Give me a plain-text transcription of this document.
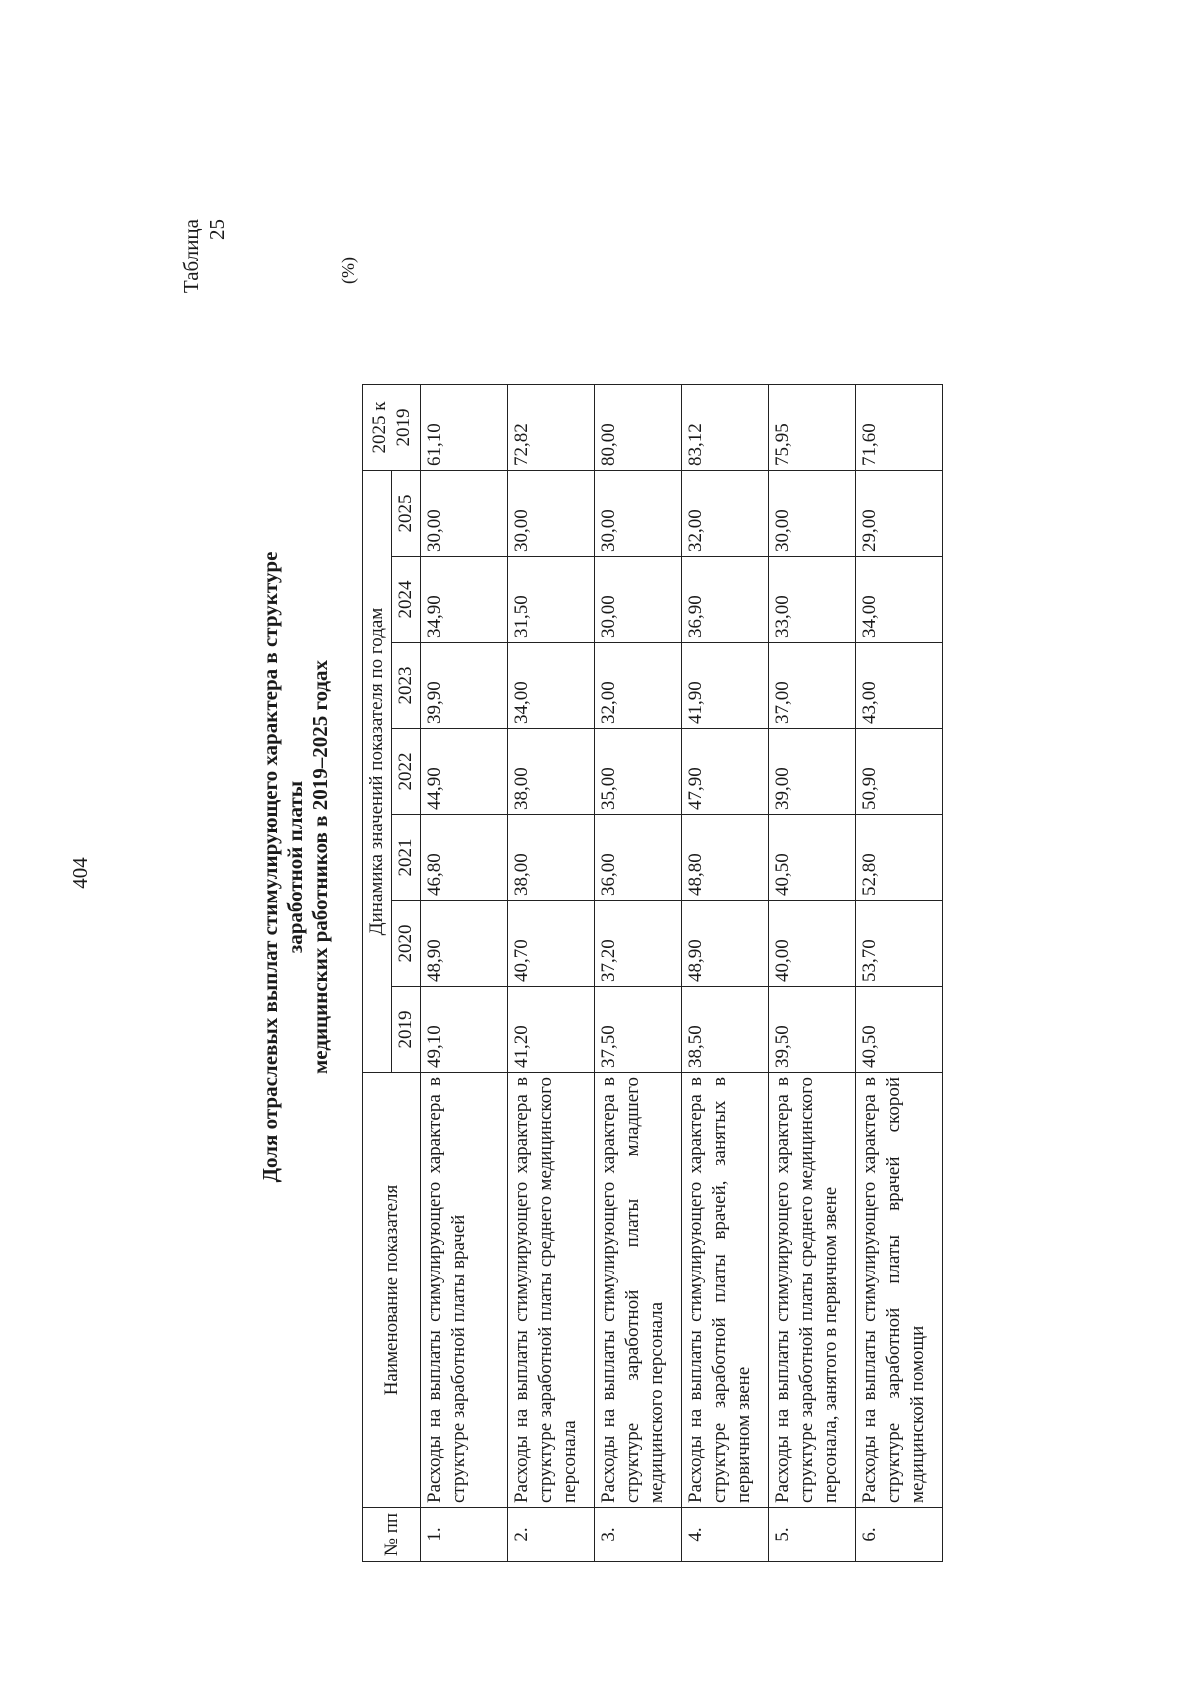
404
Таблица 25
Доля отраслевых выплат стимулирующего характера в структуре заработной платы медицинских работников в 2019–2025 годах
(%)
№ пп	Наименование показателя	Динамика значений показателя по годам							2025 к 2019
		2019	2020	2021	2022	2023	2024	2025	
1.	Расходы на выплаты стимулирующего характера в структуре заработной платы врачей	49,10	48,90	46,80	44,90	39,90	34,90	30,00	61,10
2.	Расходы на выплаты стимулирующего характера в структуре заработной платы среднего медицинского персонала	41,20	40,70	38,00	38,00	34,00	31,50	30,00	72,82
3.	Расходы на выплаты стимулирующего характера в структуре заработной платы младшего медицинского персонала	37,50	37,20	36,00	35,00	32,00	30,00	30,00	80,00
4.	Расходы на выплаты стимулирующего характера в структуре заработной платы врачей, занятых в первичном звене	38,50	48,90	48,80	47,90	41,90	36,90	32,00	83,12
5.	Расходы на выплаты стимулирующего характера в структуре заработной платы среднего медицинского персонала, занятого в первичном звене	39,50	40,00	40,50	39,00	37,00	33,00	30,00	75,95
6.	Расходы на выплаты стимулирующего характера в структуре заработной платы врачей скорой медицинской помощи	40,50	53,70	52,80	50,90	43,00	34,00	29,00	71,60
